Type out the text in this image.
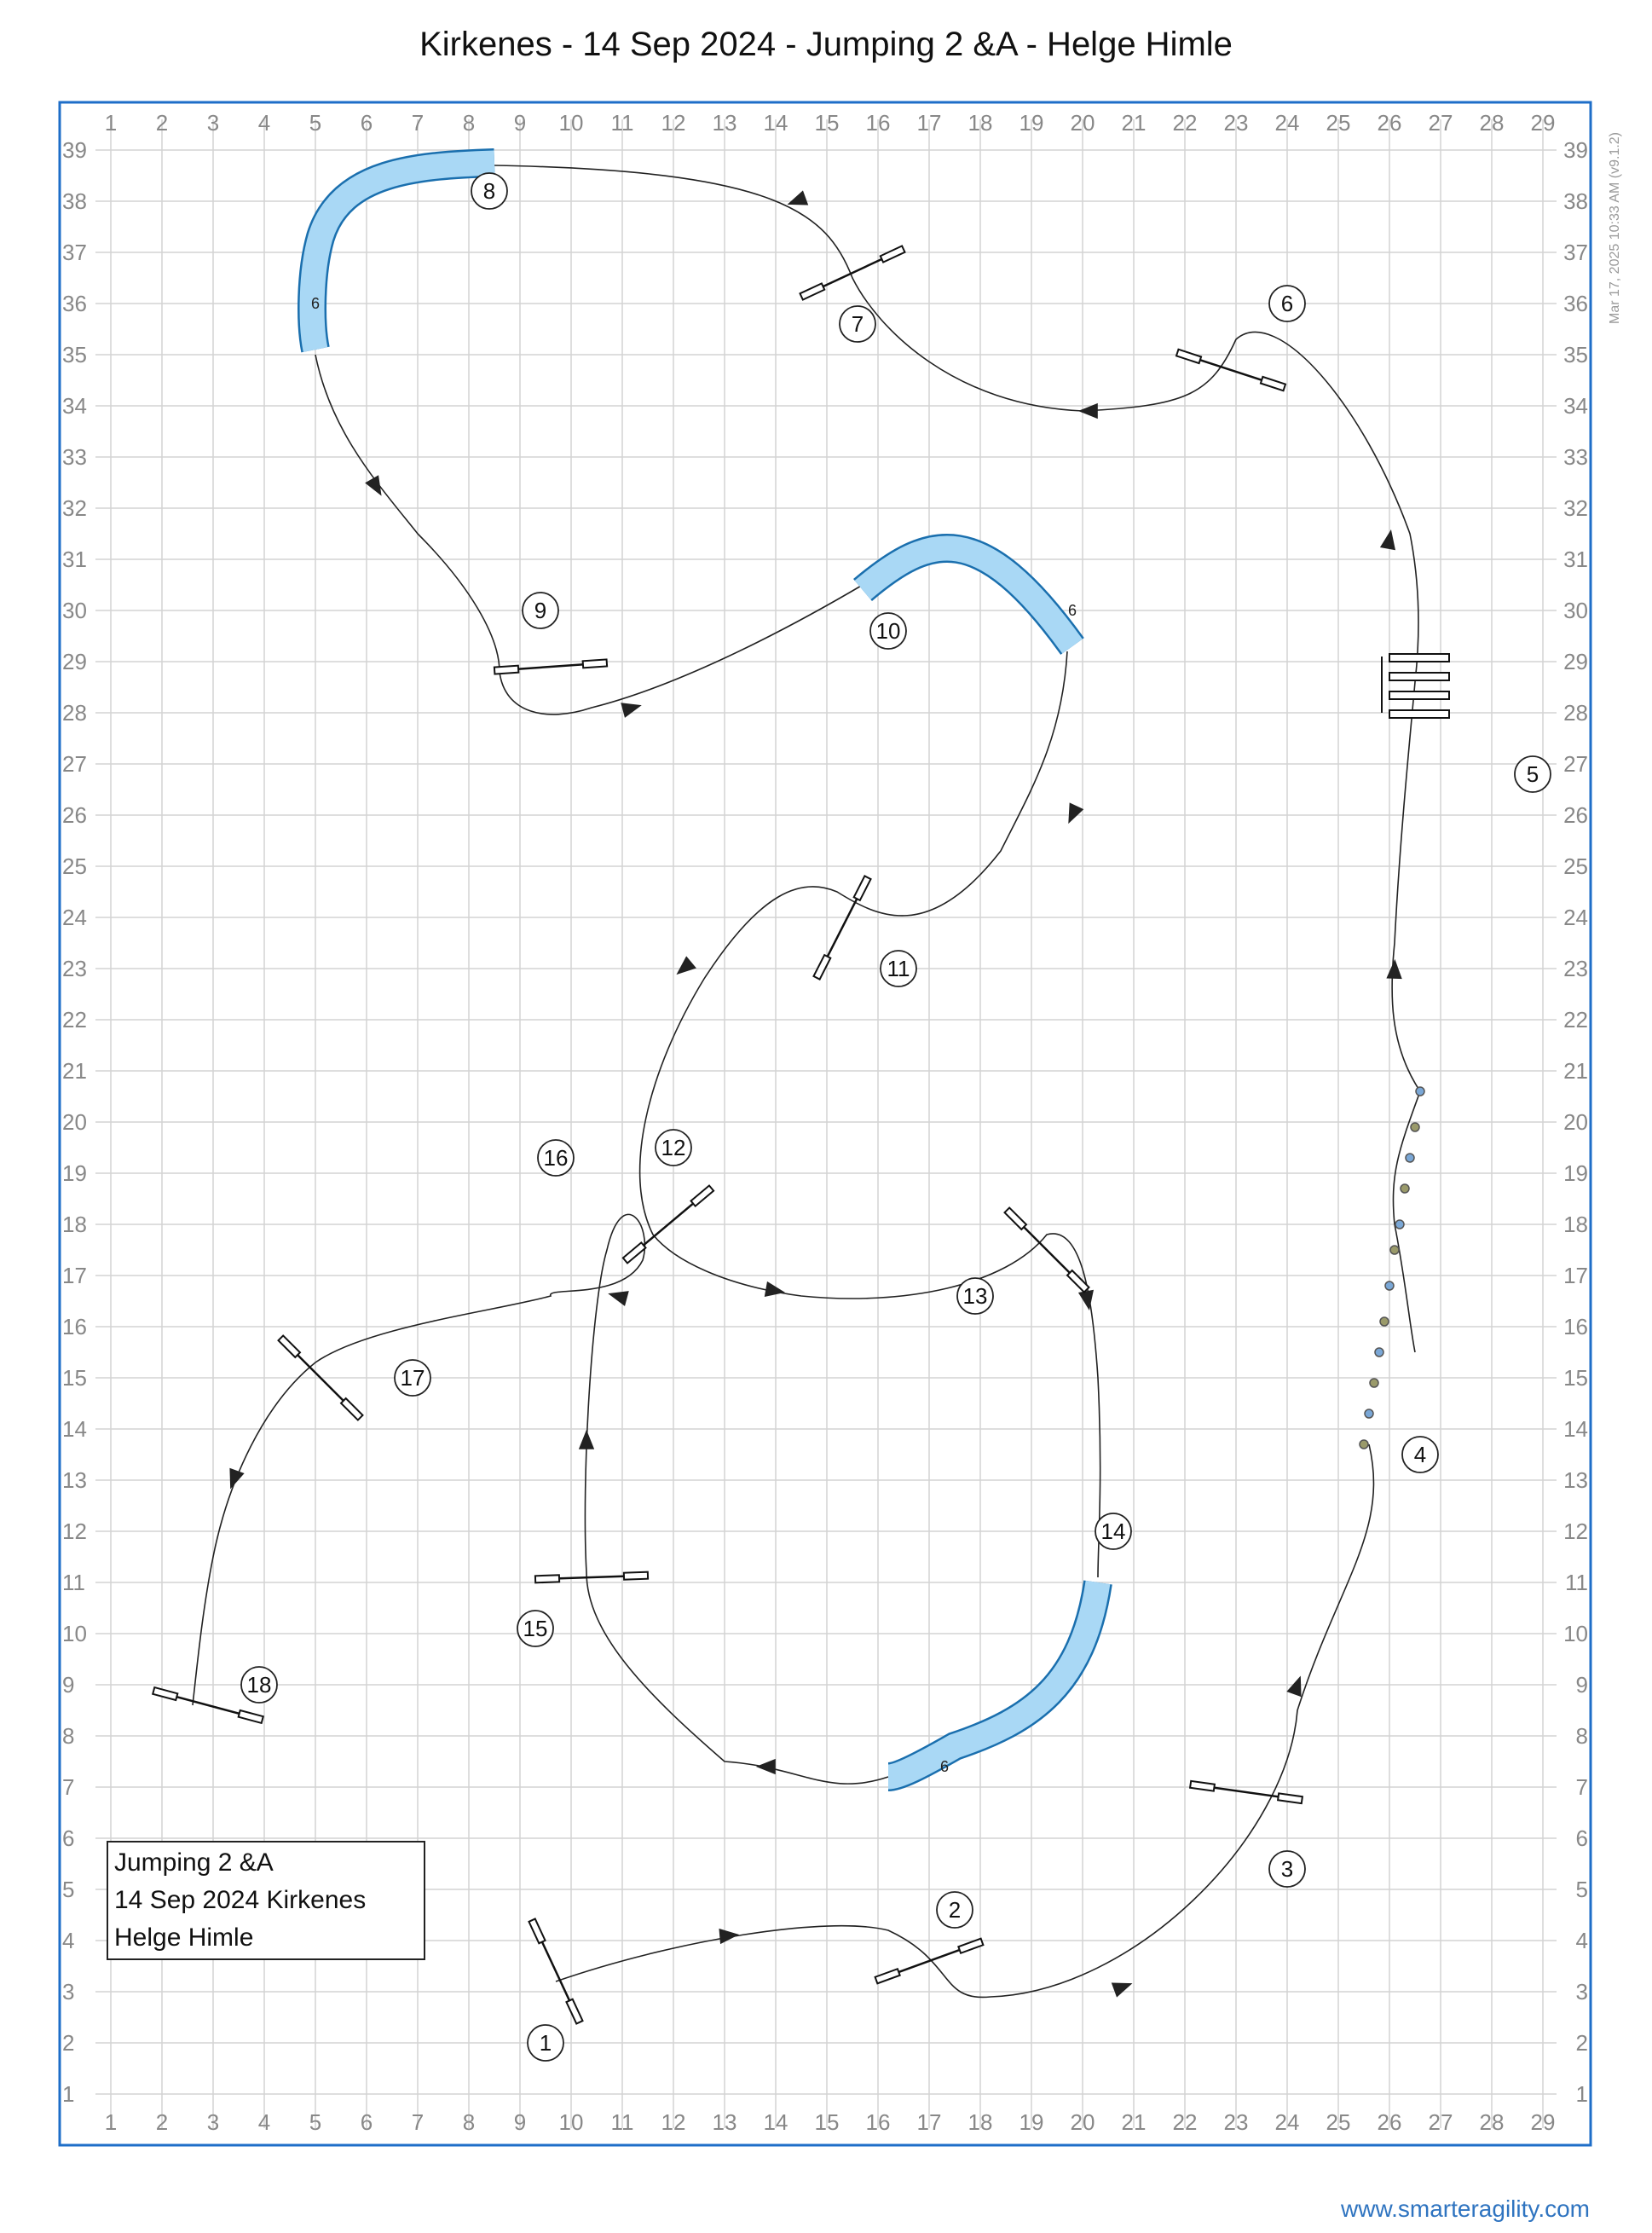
Kirkenes - 14 Sep 2024 - Jumping 2 &A - Helge Himle
1
1
2
2
3
3
4
4
5
5
6
6
7
7
8
8
9
9
10
10
11
11
12
12
13
13
14
14
15
15
16
16
17
17
18
18
19
19
20
20
21
21
22
22
23
23
24
24
25
25
26
26
27
27
28
28
29
29
1	1
2	2
3	3
4	4
5	5
6	6
7	7
8	8
9	9
10	10
11	11
12	12
13	13
14	14
15	15
16	16
17	17
18	18
19	19
20	20
21	21
22	22
23	23
24	24
25	25
26	26
27	27
28	28
29	29
30	30
31	31
32	32
33	33
34	34
35	35
36	36
37	37
38	38
39	39
6
6
6
1
2
3
4
5
6
7
8
9
10
11
12
13
14
15
16
17
18
Jumping 2 &A
14 Sep 2024 Kirkenes
Helge Himle
Mar 17, 2025 10:33 AM (v9.1.2)
www.smarteragility.com
